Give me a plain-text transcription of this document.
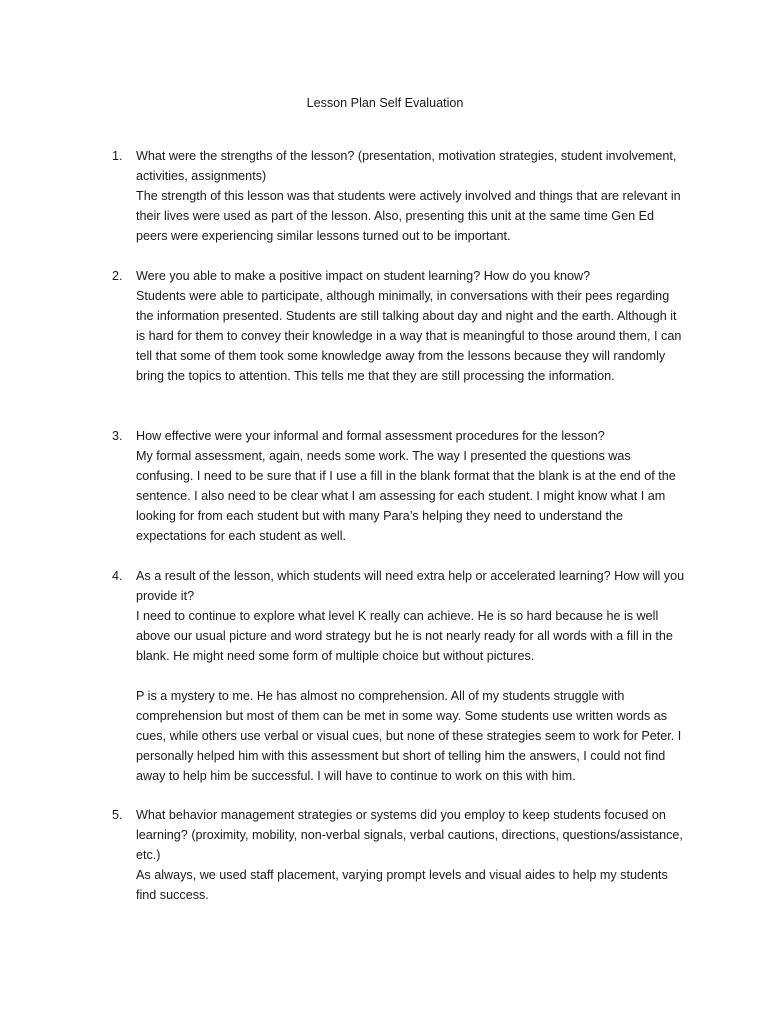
Lesson Plan Self Evaluation
1. What were the strengths of the lesson? (presentation, motivation strategies, student involvement, activities, assignments)

The strength of this lesson was that students were actively involved and things that are relevant in their lives were used as part of the lesson. Also, presenting this unit at the same time Gen Ed peers were experiencing similar lessons turned out to be important.

2. Were you able to make a positive impact on student learning? How do you know?

Students were able to participate, although minimally, in conversations with their pees regarding the information presented. Students are still talking about day and night and the earth. Although it is hard for them to convey their knowledge in a way that is meaningful to those around them, I can tell that some of them took some knowledge away from the lessons because they will randomly bring the topics to attention. This tells me that they are still processing the information.

3. How effective were your informal and formal assessment procedures for the lesson?

My formal assessment, again, needs some work. The way I presented the questions was confusing. I need to be sure that if I use a fill in the blank format that the blank is at the end of the sentence. I also need to be clear what I am assessing for each student. I might know what I am looking for from each student but with many Para’s helping they need to understand the expectations for each student as well.

4. As a result of the lesson, which students will need extra help or accelerated learning? How will you provide it?

I need to continue to explore what level K really can achieve. He is so hard because he is well above our usual picture and word strategy but he is not nearly ready for all words with a fill in the blank. He might need some form of multiple choice but without pictures.

P is a mystery to me. He has almost no comprehension. All of my students struggle with comprehension but most of them can be met in some way. Some students use written words as cues, while others use verbal or visual cues, but none of these strategies seem to work for Peter. I personally helped him with this assessment but short of telling him the answers, I could not find away to help him be successful. I will have to continue to work on this with him.

5. What behavior management strategies or systems did you employ to keep students focused on learning? (proximity, mobility, non-verbal signals, verbal cautions, directions, questions/assistance, etc.)

As always, we used staff placement, varying prompt levels and visual aides to help my students find success.
